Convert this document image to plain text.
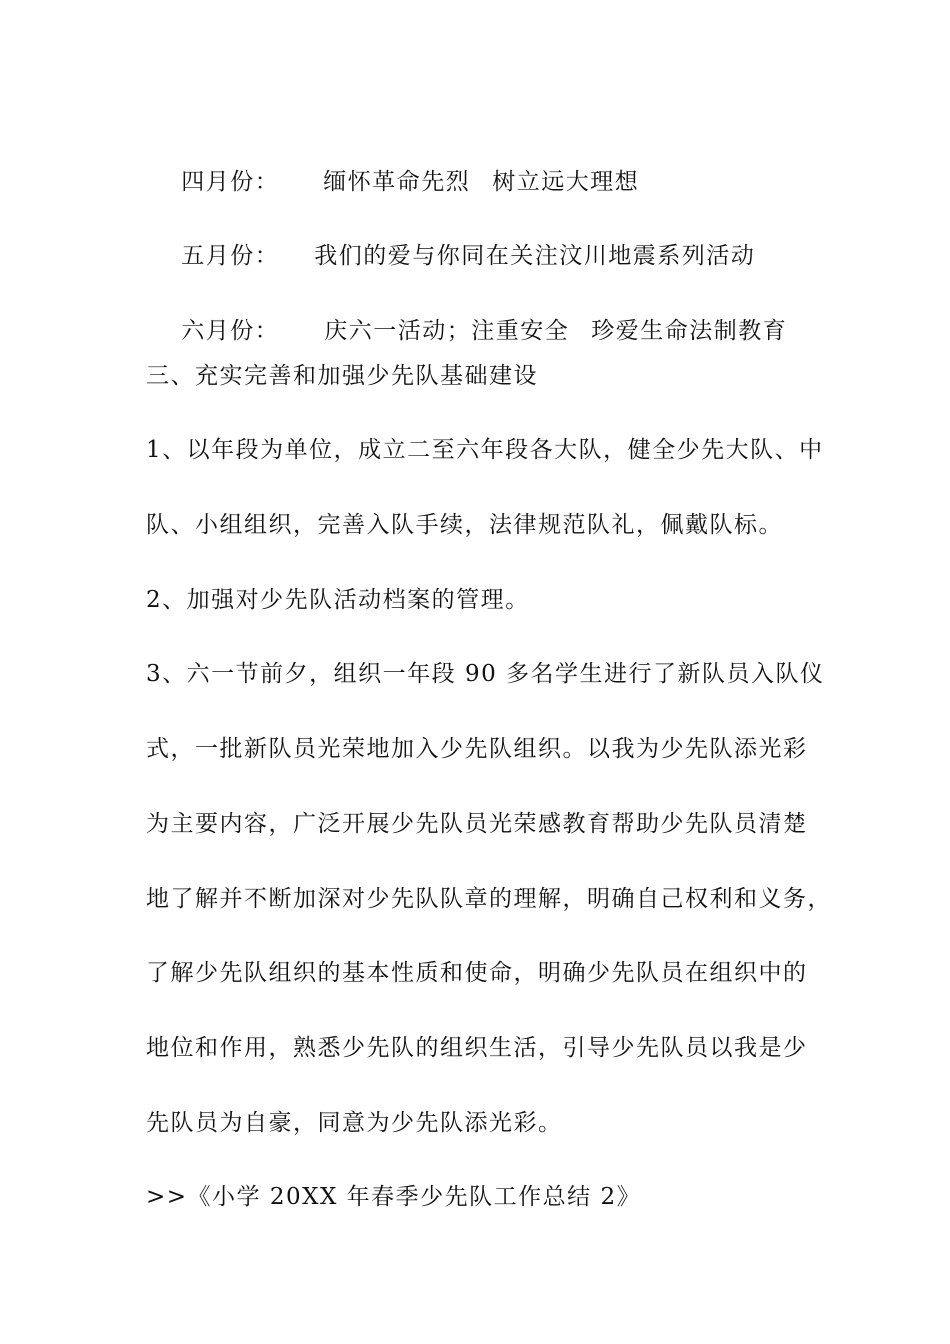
四月份： 缅怀革命先烈 树立远大理想

五月份： 我们的爱与你同在关注汶川地震系列活动

六月份： 庆六一活动；注重安全 珍爱生命法制教育

三、充实完善和加强少先队基础建设
1、以年段为单位，成立二至六年段各大队，健全少先大队、中
队、小组组织，完善入队手续，法律规范队礼，佩戴队标。
2、加强对少先队活动档案的管理。
3、六一节前夕，组织一年段 90 多名学生进行了新队员入队仪
式，一批新队员光荣地加入少先队组织。以我为少先队添光彩
为主要内容，广泛开展少先队员光荣感教育帮助少先队员清楚
地了解并不断加深对少先队队章的理解，明确自己权利和义务，
了解少先队组织的基本性质和使命，明确少先队员在组织中的
地位和作用，熟悉少先队的组织生活，引导少先队员以我是少
先队员为自豪，同意为少先队添光彩。
>>《小学 20XX 年春季少先队工作总结 2》
